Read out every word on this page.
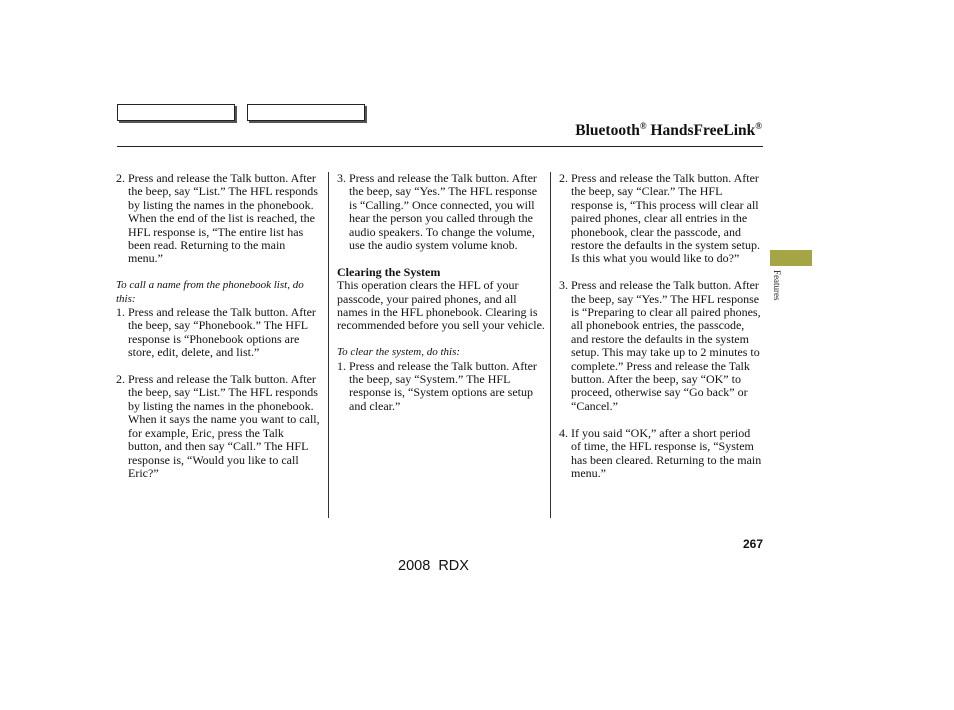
Bluetooth® HandsFreeLink®
2. Press and release the Talk button. After the beep, say “List.” The HFL responds by listing the names in the phonebook. When the end of the list is reached, the HFL response is, “The entire list has been read. Returning to the main menu.”

To call a name from the phonebook list, do this:

1. Press and release the Talk button. After the beep, say “Phonebook.” The HFL response is “Phonebook options are store, edit, delete, and list.”
2. Press and release the Talk button. After the beep, say “List.” The HFL responds by listing the names in the phonebook. When it says the name you want to call, for example, Eric, press the Talk button, and then say “Call.” The HFL response is, “Would you like to call Eric?”
3. Press and release the Talk button. After the beep, say “Yes.” The HFL response is “Calling.” Once connected, you will hear the person you called through the audio speakers. To change the volume, use the audio system volume knob.

Clearing the System

This operation clears the HFL of your passcode, your paired phones, and all names in the HFL phonebook. Clearing is recommended before you sell your vehicle.

To clear the system, do this:

1. Press and release the Talk button. After the beep, say “System.” The HFL response is, “System options are setup and clear.”
2. Press and release the Talk button. After the beep, say “Clear.” The HFL response is, “This process will clear all paired phones, clear all entries in the phonebook, clear the passcode, and restore the defaults in the system setup. Is this what you would like to do?”
3. Press and release the Talk button. After the beep, say “Yes.” The HFL response is “Preparing to clear all paired phones, all phonebook entries, the passcode, and restore the defaults in the system setup. This may take up to 2 minutes to complete.” Press and release the Talk button. After the beep, say “OK” to proceed, otherwise say “Go back” or “Cancel.”
4. If you said “OK,” after a short period of time, the HFL response is, “System has been cleared. Returning to the main menu.”
Features
267
2008  RDX
